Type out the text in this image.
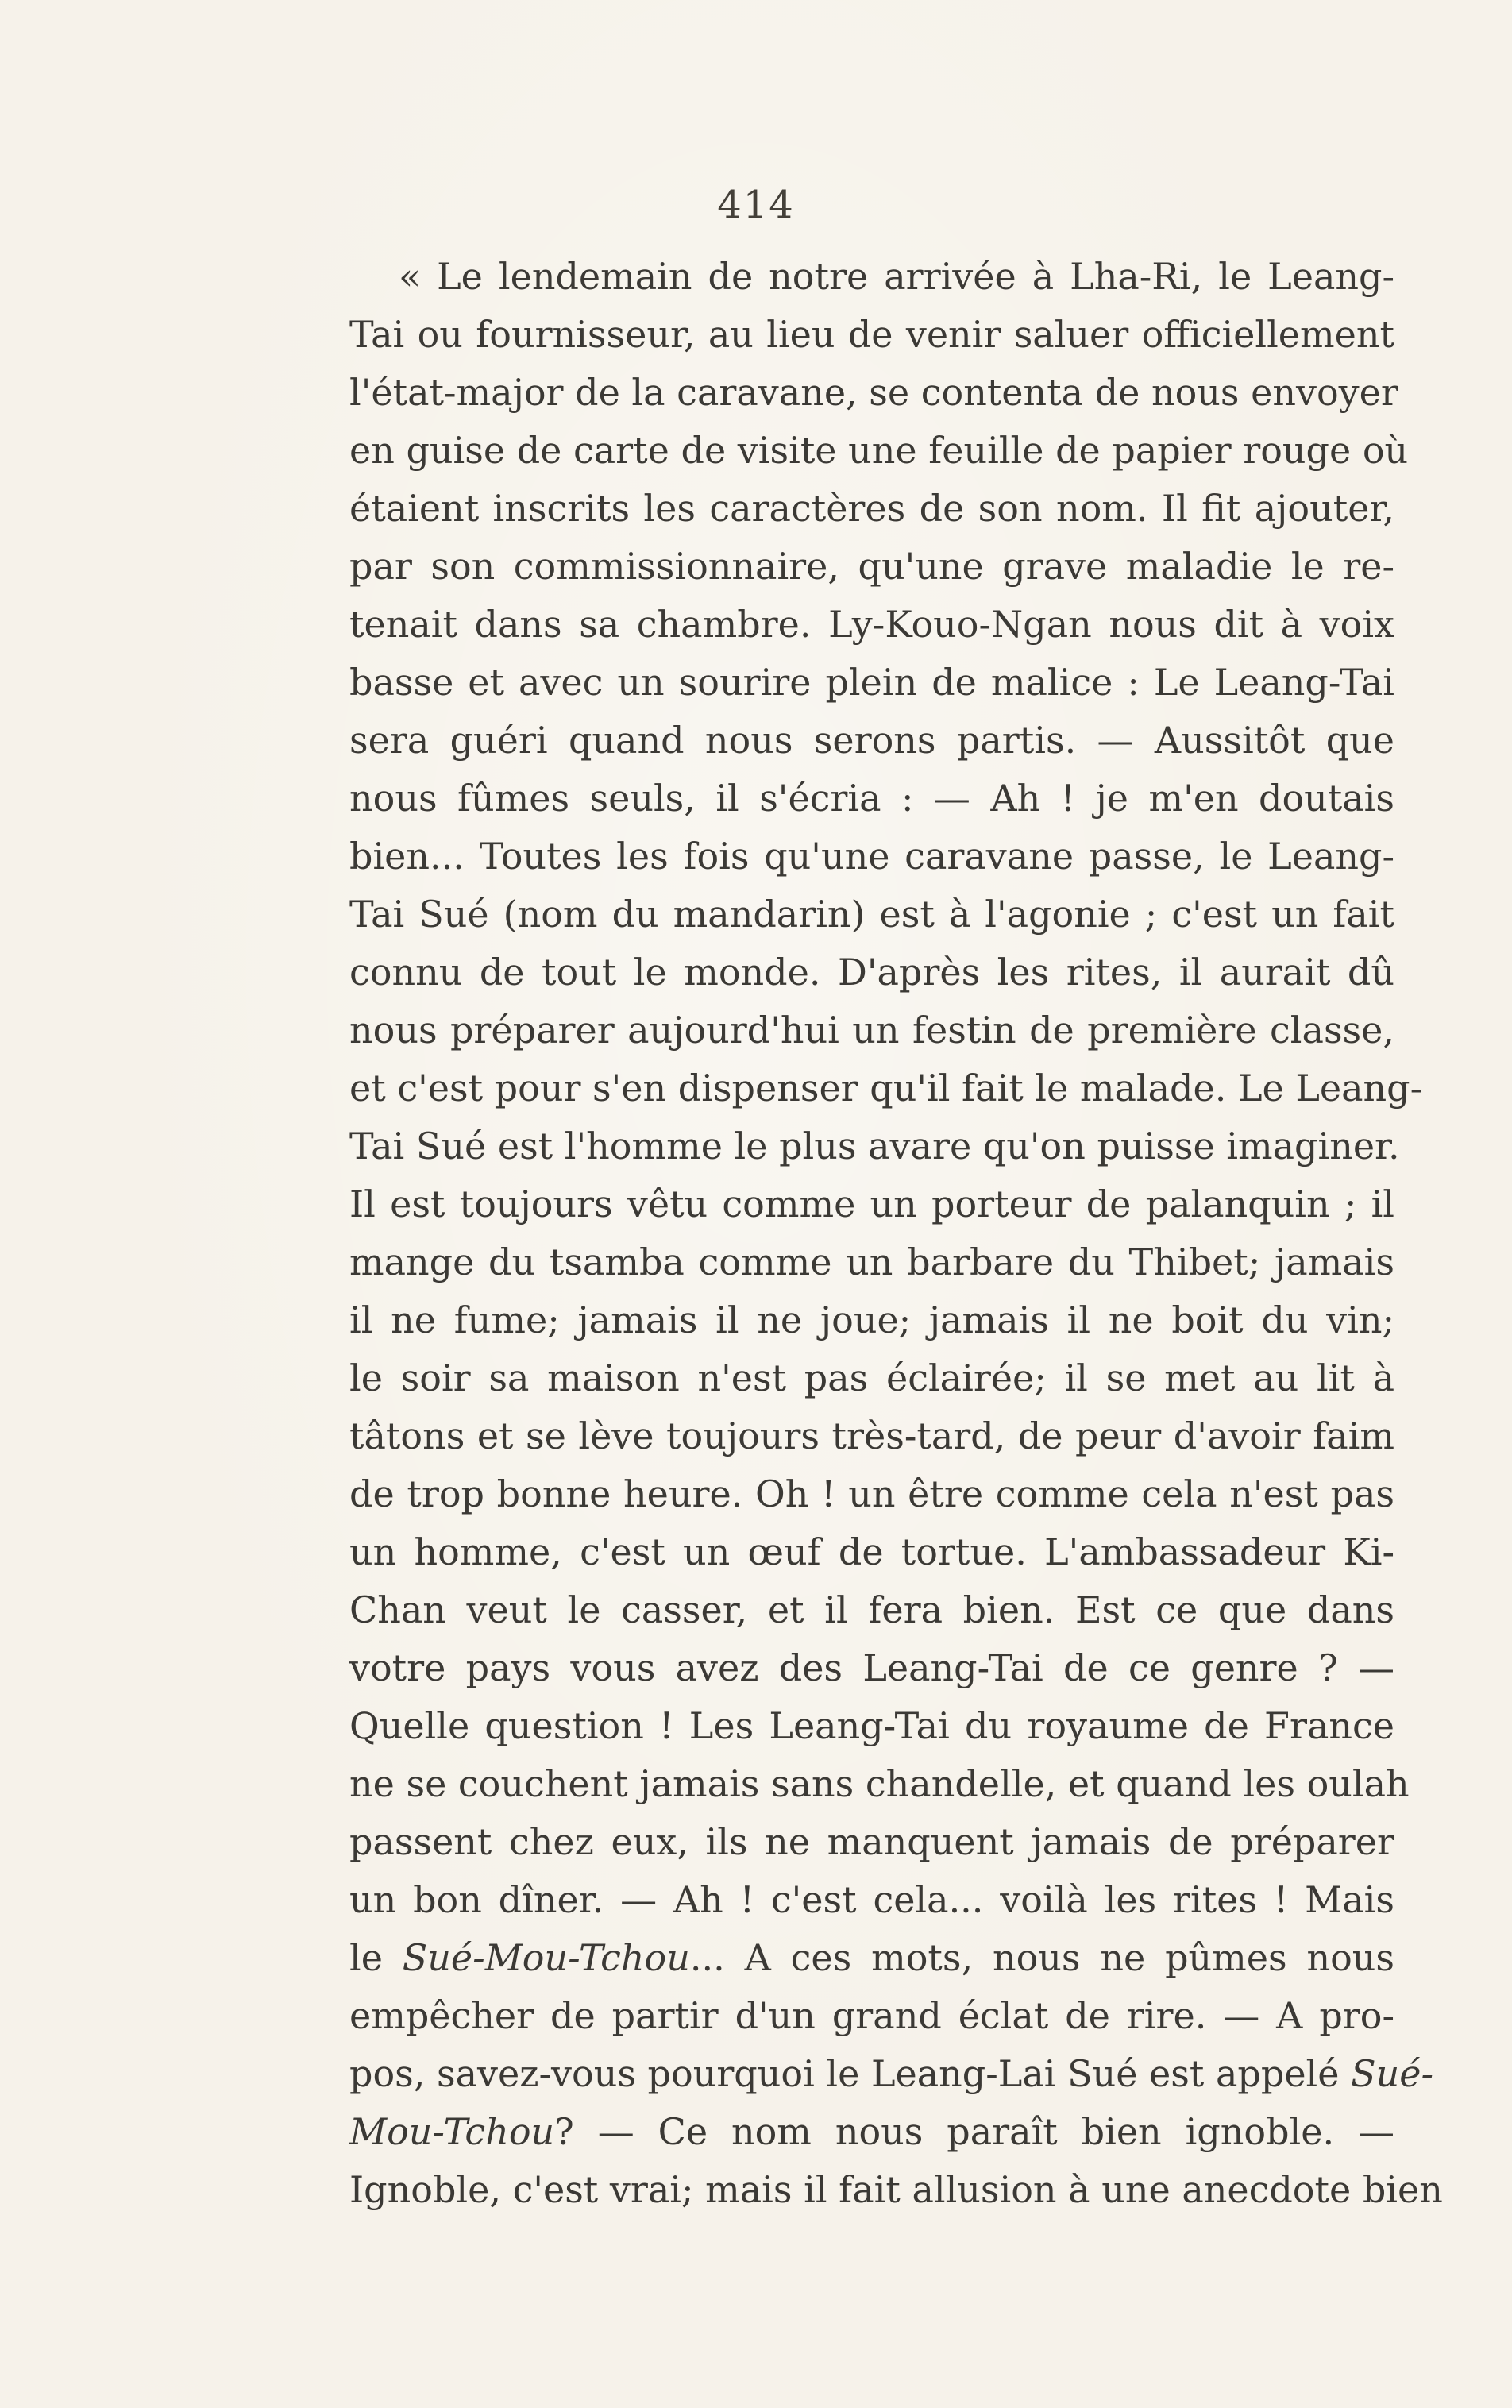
414
« Le lendemain de notre arrivée à Lha-Ri, le Leang-
Tai ou fournisseur, au lieu de venir saluer officiellement
l'état-major de la caravane, se contenta de nous envoyer
en guise de carte de visite une feuille de papier rouge où
étaient inscrits les caractères de son nom. Il fit ajouter,
par son commissionnaire, qu'une grave maladie le re-
tenait dans sa chambre. Ly-Kouo-Ngan nous dit à voix
basse et avec un sourire plein de malice : Le Leang-Tai
sera guéri quand nous serons partis. — Aussitôt que
nous fûmes seuls, il s'écria : — Ah ! je m'en doutais
bien... Toutes les fois qu'une caravane passe, le Leang-
Tai Sué (nom du mandarin) est à l'agonie ; c'est un fait
connu de tout le monde. D'après les rites, il aurait dû
nous préparer aujourd'hui un festin de première classe,
et c'est pour s'en dispenser qu'il fait le malade. Le Leang-
Tai Sué est l'homme le plus avare qu'on puisse imaginer.
Il est toujours vêtu comme un porteur de palanquin ; il
mange du tsamba comme un barbare du Thibet; jamais
il ne fume; jamais il ne joue; jamais il ne boit du vin;
le soir sa maison n'est pas éclairée; il se met au lit à
tâtons et se lève toujours très-tard, de peur d'avoir faim
de trop bonne heure. Oh ! un être comme cela n'est pas
un homme, c'est un œuf de tortue. L'ambassadeur Ki-
Chan veut le casser, et il fera bien. Est ce que dans
votre pays vous avez des Leang-Tai de ce genre ? —
Quelle question ! Les Leang-Tai du royaume de France
ne se couchent jamais sans chandelle, et quand les oulah
passent chez eux, ils ne manquent jamais de préparer
un bon dîner. — Ah ! c'est cela... voilà les rites ! Mais
le Sué-Mou-Tchou... A ces mots, nous ne pûmes nous
empêcher de partir d'un grand éclat de rire. — A pro-
pos, savez-vous pourquoi le Leang-Lai Sué est appelé Sué-
Mou-Tchou? — Ce nom nous paraît bien ignoble. —
Ignoble, c'est vrai; mais il fait allusion à une anecdote bien
